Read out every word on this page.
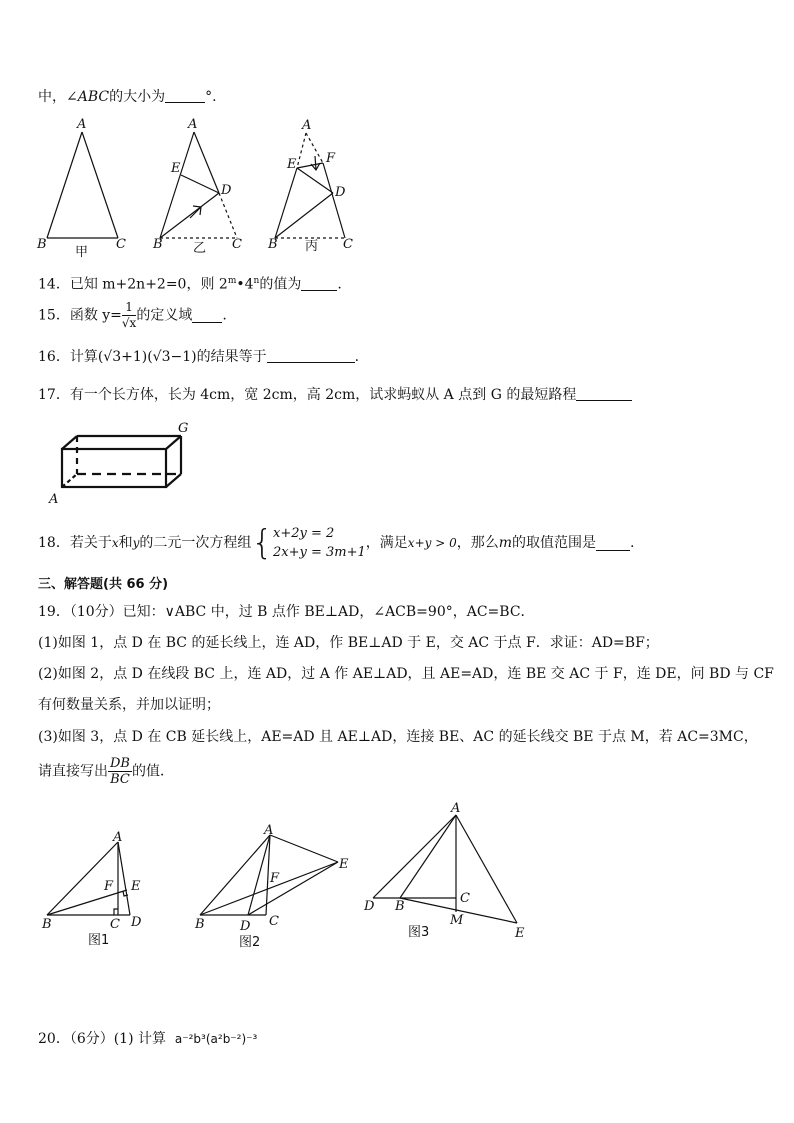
中，∠ABC的大小为	°.
A
B	C
甲
A
E
D
B	C
乙
A
E F
D
B	C
丙
14．已知 m+2n+2=0，则 2$^m$•4$^n$的值为	.
15．函数 $y= \frac{1}{√x}$ 的定义域 .
16．计算(√3+1)(√3−1)的结果等于	.
17．有一个长方体，长为 4cm，宽 2cm，高 2cm，试求蚂蚁从 A 点到 G 的最短路程
G
A
18．若关于x和y的二元一次方程组{ x+2y = 2
2x+y = 3m+1
，满足x+y > 0，那么m的取值范围是 .
三、解答题(共 66 分)
19．（10分）已知：∨ABC 中，过 B 点作 BE⊥AD，∠ACB=90°，AC=BC．
(1)如图 1，点 D 在 BC 的延长线上，连 AD，作 BE⊥AD 于 E，交 AC 于点 F．求证：AD=BF；
(2)如图 2，点 D 在线段 BC 上，连 AD，过 A 作 AE⊥AD，且 AE=AD，连 BE 交 AC 于 F，连 DE，问 BD 与 CF
有何数量关系，并加以证明；
(3)如图 3，点 D 在 CB 延长线上，AE=AD 且 AE⊥AD，连接 BE、AC 的延长线交 BE 于点 M，若 AC=3MC，
请直接写出 $\frac{DB}{BC}$ 的值．
A
F E
B	C D
图1
A
F
E
B	D C
图2
A
C
D B
M
E
图3
20．（6分）(1) 计算 a⁻²b³(a²b⁻²)⁻³
